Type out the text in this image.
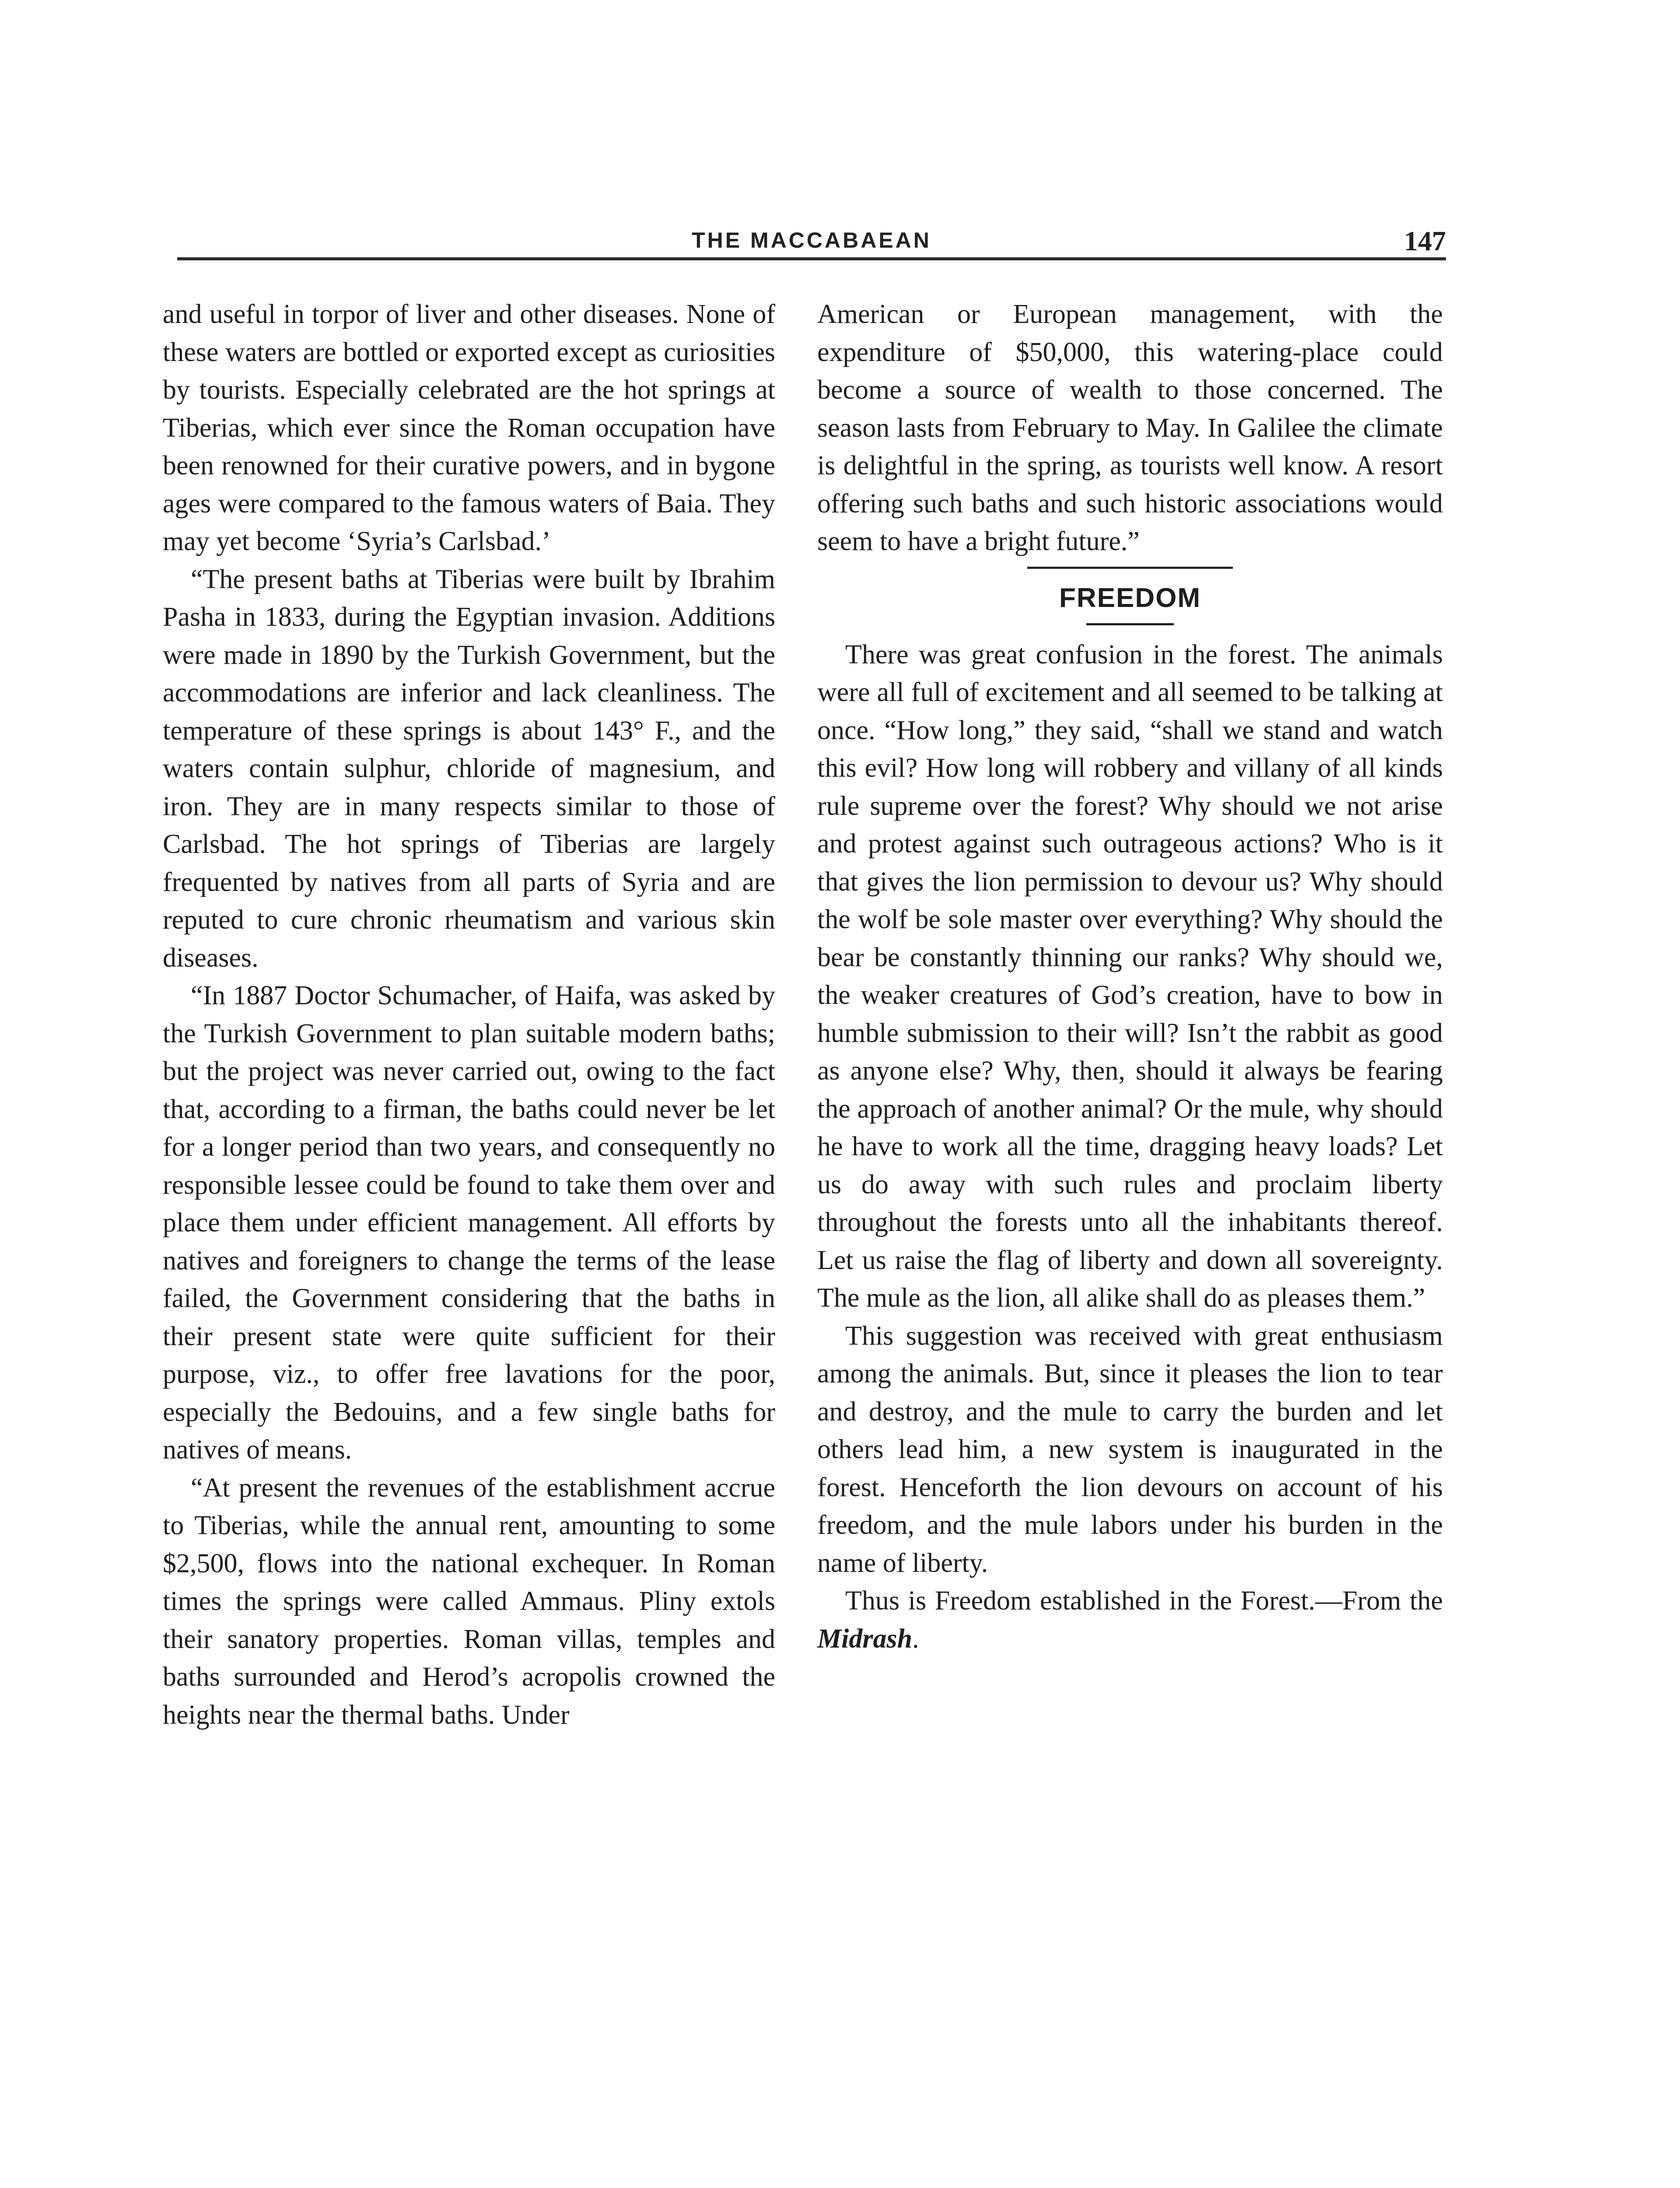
THE MACCABAEAN	147

and useful in torpor of liver and other diseases. None of these waters are bottled or exported except as curiosities by tourists. Especially celebrated are the hot springs at Tiberias, which ever since the Roman occupation have been renowned for their curative powers, and in bygone ages were compared to the famous waters of Baia. They may yet become ‘Syria’s Carlsbad.’

“The present baths at Tiberias were built by Ibrahim Pasha in 1833, during the Egyptian invasion. Additions were made in 1890 by the Turkish Government, but the accommodations are inferior and lack cleanliness. The temperature of these springs is about 143° F., and the waters contain sulphur, chloride of magnesium, and iron. They are in many respects similar to those of Carlsbad. The hot springs of Tiberias are largely frequented by natives from all parts of Syria and are reputed to cure chronic rheumatism and various skin diseases.

“In 1887 Doctor Schumacher, of Haifa, was asked by the Turkish Government to plan suitable modern baths; but the project was never carried out, owing to the fact that, according to a firman, the baths could never be let for a longer period than two years, and consequently no responsible lessee could be found to take them over and place them under efficient management. All efforts by natives and foreigners to change the terms of the lease failed, the Government considering that the baths in their present state were quite sufficient for their purpose, viz., to offer free lavations for the poor, especially the Bedouins, and a few single baths for natives of means.

“At present the revenues of the establishment accrue to Tiberias, while the annual rent, amounting to some $2,500, flows into the national exchequer. In Roman times the springs were called Ammaus. Pliny extols their sanatory properties. Roman villas, temples and baths surrounded and Herod’s acropolis crowned the heights near the thermal baths. Under

American or European management, with the expenditure of $50,000, this watering-place could become a source of wealth to those concerned. The season lasts from February to May. In Galilee the climate is delightful in the spring, as tourists well know. A resort offering such baths and such historic associations would seem to have a bright future.”

FREEDOM

There was great confusion in the forest. The animals were all full of excitement and all seemed to be talking at once. “How long,” they said, “shall we stand and watch this evil? How long will robbery and villany of all kinds rule supreme over the forest? Why should we not arise and protest against such outrageous actions? Who is it that gives the lion permission to devour us? Why should the wolf be sole master over everything? Why should the bear be constantly thinning our ranks? Why should we, the weaker creatures of God’s creation, have to bow in humble submission to their will? Isn’t the rabbit as good as anyone else? Why, then, should it always be fearing the approach of another animal? Or the mule, why should he have to work all the time, dragging heavy loads? Let us do away with such rules and proclaim liberty throughout the forests unto all the inhabitants thereof. Let us raise the flag of liberty and down all sovereignty. The mule as the lion, all alike shall do as pleases them.”

This suggestion was received with great enthusiasm among the animals. But, since it pleases the lion to tear and destroy, and the mule to carry the burden and let others lead him, a new system is inaugurated in the forest. Henceforth the lion devours on account of his freedom, and the mule labors under his burden in the name of liberty.

Thus is Freedom established in the Forest.—From the Midrash.
